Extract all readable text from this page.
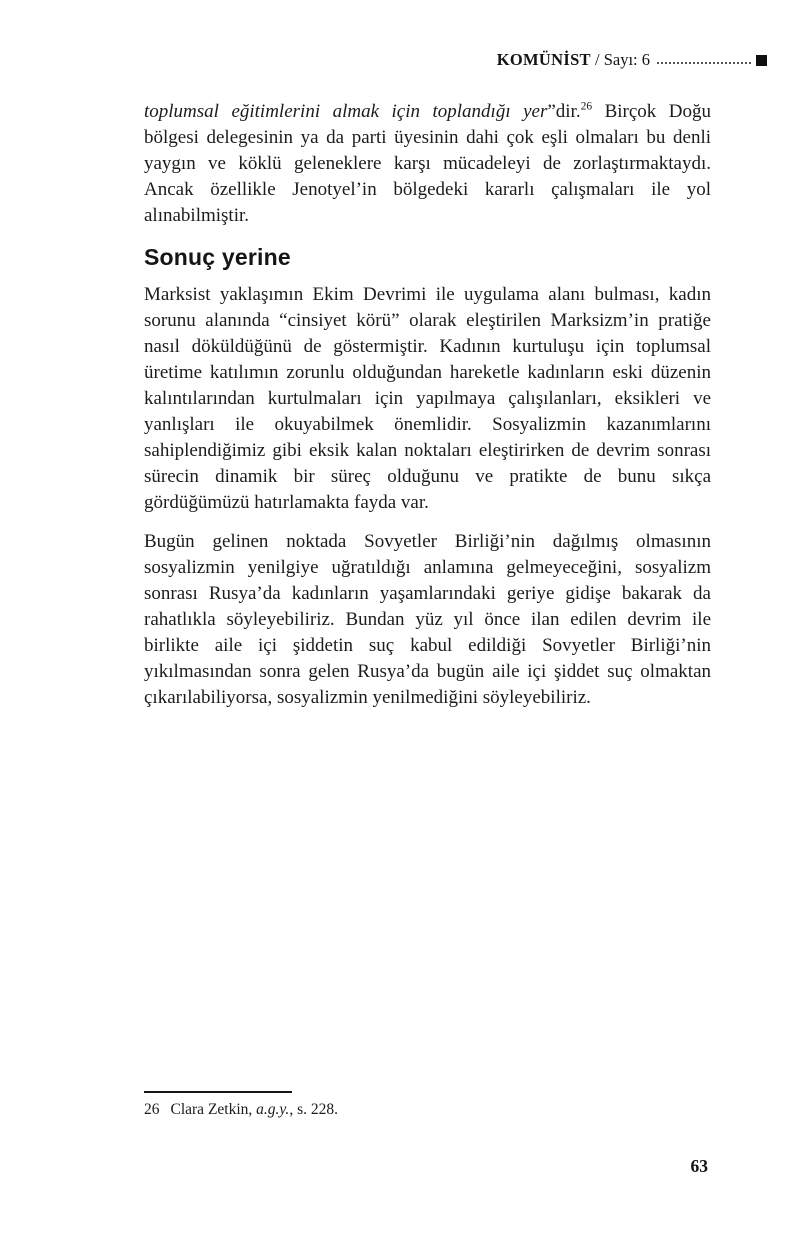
KOMÜNİST / Sayı: 6

toplumsal eğitimlerini almak için toplandığı yer”dir.$^{26}$ Birçok Doğu bölgesi delegesinin ya da parti üyesinin dahi çok eşli olmaları bu denli yaygın ve köklü geleneklere karşı mücadeleyi de zorlaştırmaktaydı. Ancak özellikle Jenotyel’in bölgedeki kararlı çalışmaları ile yol alınabilmiştir.

Sonuç yerine

Marksist yaklaşımın Ekim Devrimi ile uygulama alanı bulması, kadın sorunu alanında “cinsiyet körü” olarak eleştirilen Marksizm’in pratiğe nasıl döküldüğünü de göstermiştir. Kadının kurtuluşu için toplumsal üretime katılımın zorunlu olduğundan hareketle kadınların eski düzenin kalıntılarından kurtulmaları için yapılmaya çalışılanları, eksikleri ve yanlışları ile okuyabilmek önemlidir. Sosyalizmin kazanımlarını sahiplendiğimiz gibi eksik kalan noktaları eleştirirken de devrim sonrası sürecin dinamik bir süreç olduğunu ve pratikte de bunu sıkça gördüğümüzü hatırlamakta fayda var.

Bugün gelinen noktada Sovyetler Birliği’nin dağılmış olmasının sosyalizmin yenilgiye uğratıldığı anlamına gelmeyeceğini, sosyalizm sonrası Rusya’da kadınların yaşamlarındaki geriye gidişe bakarak da rahatlıkla söyleyebiliriz. Bundan yüz yıl önce ilan edilen devrim ile birlikte aile içi şiddetin suç kabul edildiği Sovyetler Birliği’nin yıkılmasından sonra gelen Rusya’da bugün aile içi şiddet suç olmaktan çıkarılabiliyorsa, sosyalizmin yenilmediğini söyleyebiliriz.

26 Clara Zetkin, a.g.y., s. 228.
63
